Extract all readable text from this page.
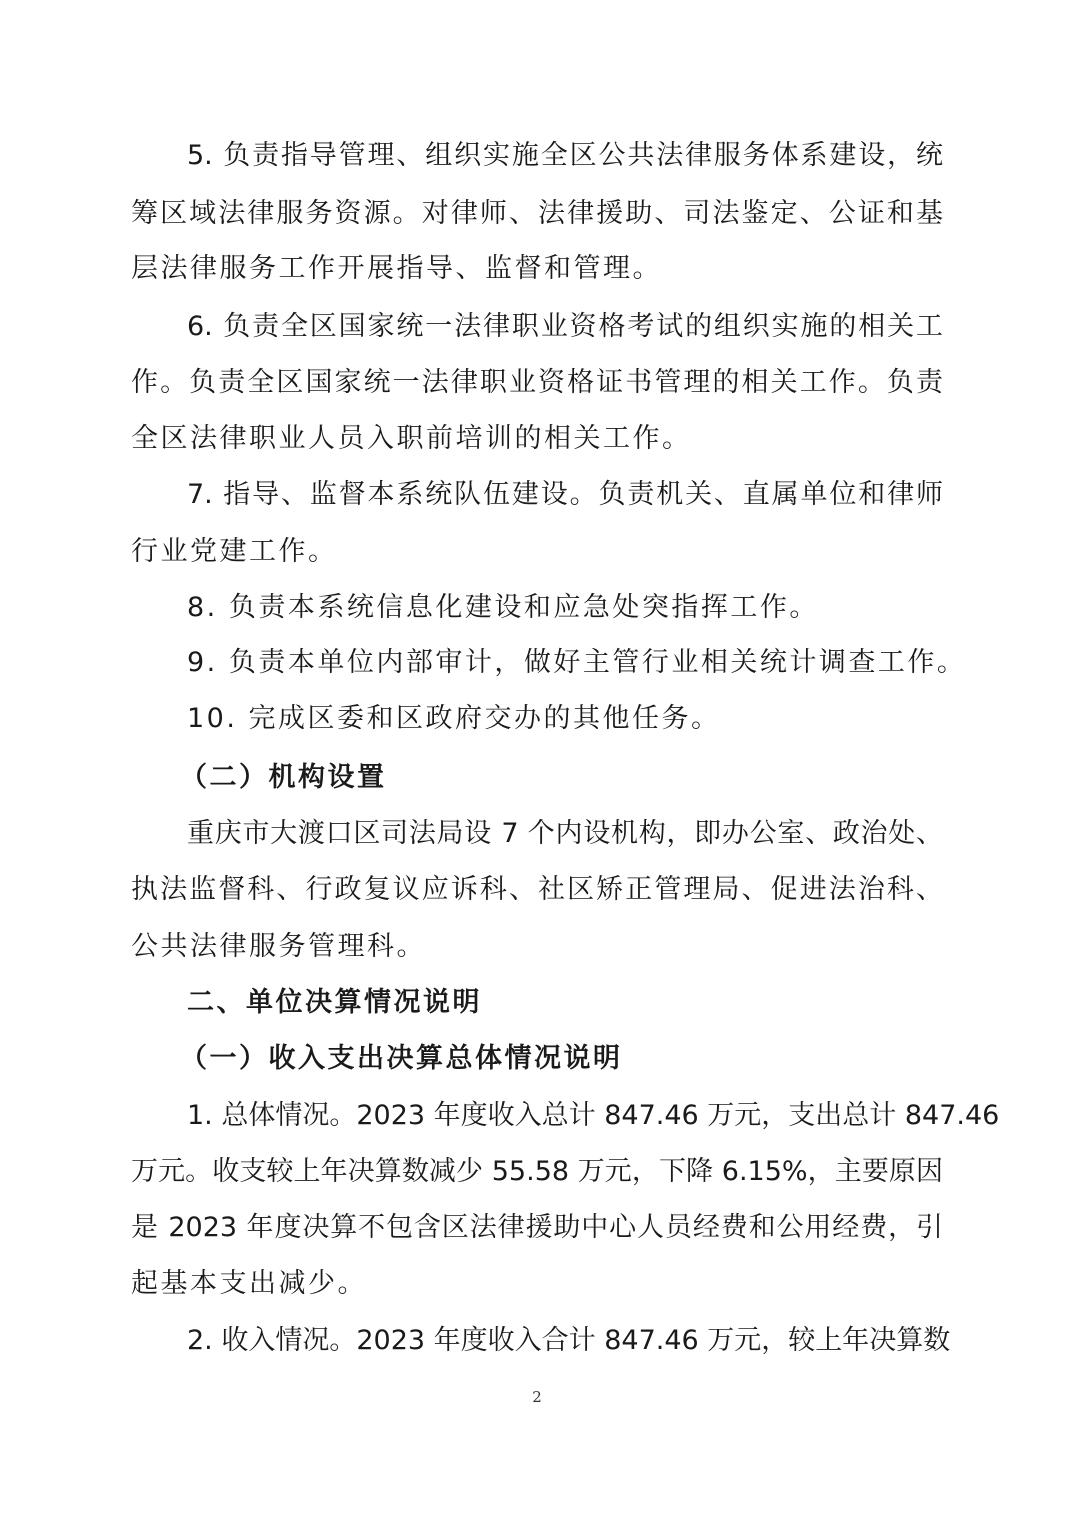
5. 负责指导管理、组织实施全区公共法律服务体系建设，统
筹区域法律服务资源。对律师、法律援助、司法鉴定、公证和基
层法律服务工作开展指导、监督和管理。
6. 负责全区国家统一法律职业资格考试的组织实施的相关工
作。负责全区国家统一法律职业资格证书管理的相关工作。负责
全区法律职业人员入职前培训的相关工作。
7. 指导、监督本系统队伍建设。负责机关、直属单位和律师
行业党建工作。
8. 负责本系统信息化建设和应急处突指挥工作。
9. 负责本单位内部审计，做好主管行业相关统计调查工作。
10. 完成区委和区政府交办的其他任务。
（二）机构设置
重庆市大渡口区司法局设 7 个内设机构，即办公室、政治处、
执法监督科、行政复议应诉科、社区矫正管理局、促进法治科、
公共法律服务管理科。
二、单位决算情况说明
（一）收入支出决算总体情况说明
1. 总体情况。2023 年度收入总计 847.46 万元，支出总计 847.46
万元。收支较上年决算数减少 55.58 万元，下降 6.15%，主要原因
是 2023 年度决算不包含区法律援助中心人员经费和公用经费，引
起基本支出减少。
2. 收入情况。2023 年度收入合计 847.46 万元，较上年决算数
2
